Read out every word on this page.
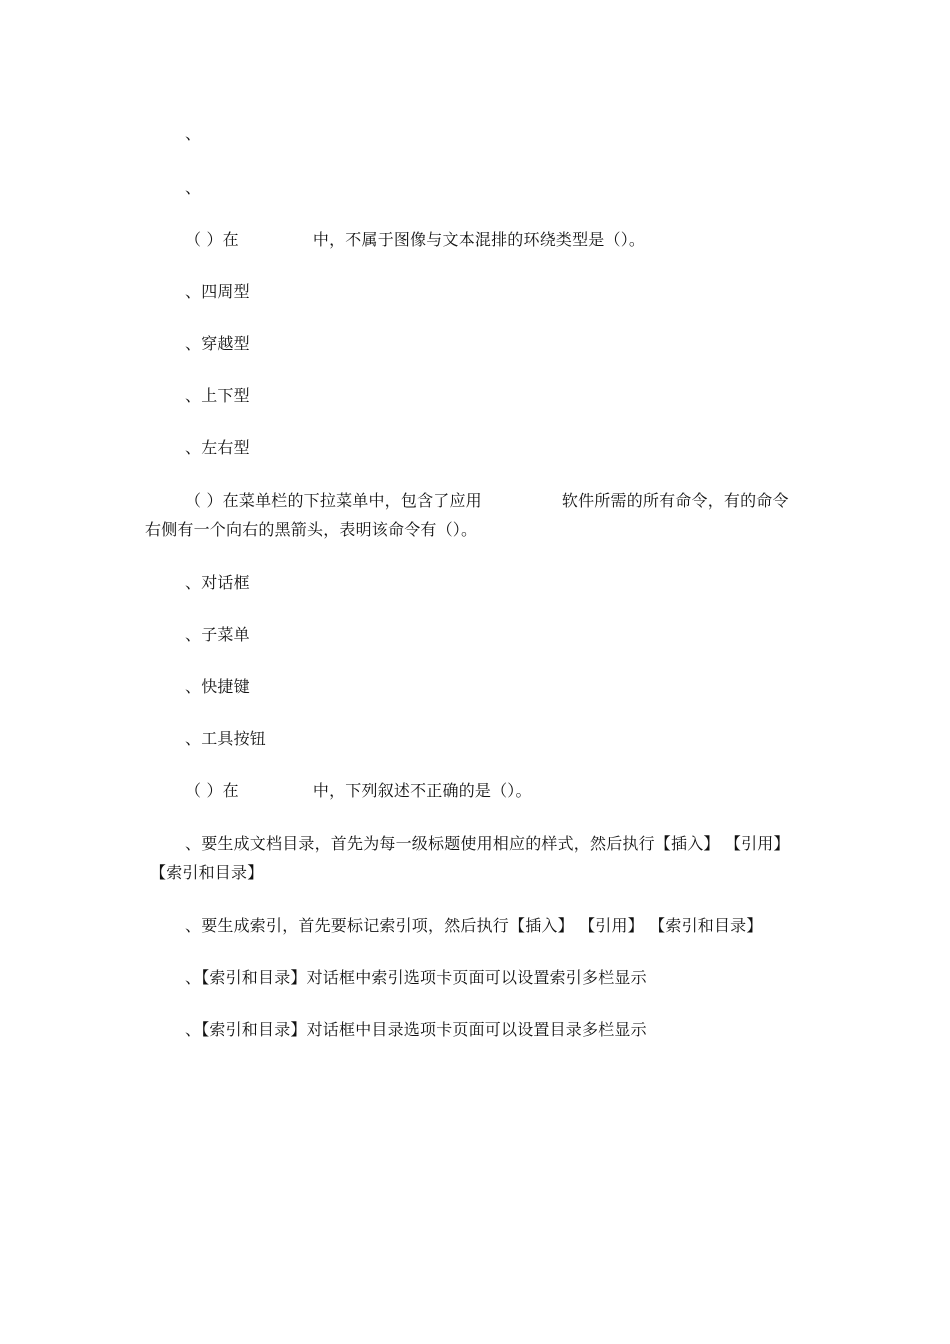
、
、
（ ）在	中，不属于图像与文本混排的环绕类型是（）。
、四周型
、穿越型
、上下型
、左右型
（ ）在菜单栏的下拉菜单中，包含了应用	软件所需的所有命令，有的命令
右侧有一个向右的黑箭头，表明该命令有（）。
、对话框
、子菜单
、快捷键
、工具按钮
（ ）在	中，下列叙述不正确的是（）。
、要生成文档目录，首先为每一级标题使用相应的样式，然后执行【插入】 【引用】
【索引和目录】
、要生成索引，首先要标记索引项，然后执行【插入】 【引用】 【索引和目录】
、【索引和目录】对话框中索引选项卡页面可以设置索引多栏显示
、【索引和目录】对话框中目录选项卡页面可以设置目录多栏显示
